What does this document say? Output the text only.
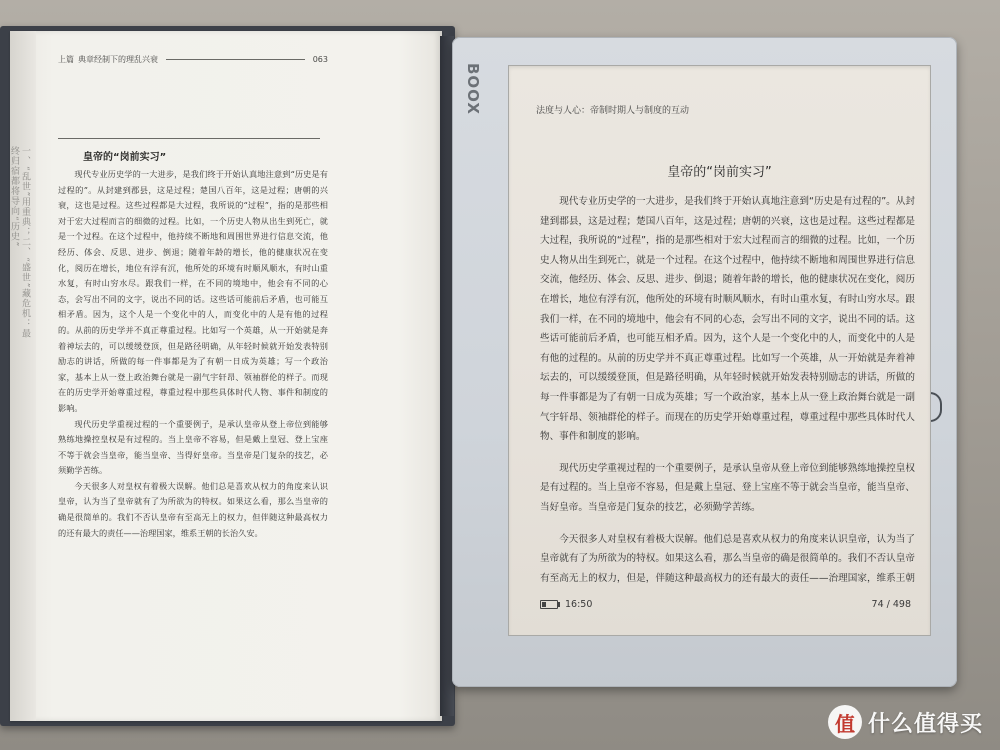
一、“乱世”用重典；二、“盛世”藏危机：最终归宿都将导向“历史”
上篇 典章经制下的理乱兴衰	063
皇帝的“岗前实习”

现代专业历史学的一大进步，是我们终于开始认真地注意到“历史是有过程的”。从封建到郡县，这是过程；楚国八百年，这是过程；唐朝的兴衰，这也是过程。这些过程都是大过程，我所说的“过程”，指的是那些相对于宏大过程而言的细微的过程。比如，一个历史人物从出生到死亡，就是一个过程。在这个过程中，他持续不断地和周围世界进行信息交流，他经历、体会、反思、进步、倒退；随着年龄的增长，他的健康状况在变化，阅历在增长，地位有浮有沉，他所处的环境有时顺风顺水，有时山重水复，有时山穷水尽。跟我们一样，在不同的境地中，他会有不同的心态，会写出不同的文字，说出不同的话。这些话可能前后矛盾，也可能互相矛盾。因为，这个人是一个变化中的人，而变化中的人是有他的过程的。从前的历史学并不真正尊重过程。比如写一个英雄，从一开始就是奔着神坛去的，可以缓缓登顶，但是路径明确，从年轻时候就开始发表特别励志的讲话，所做的每一件事都是为了有朝一日成为英雄；写一个政治家，基本上从一登上政治舞台就是一副气宇轩昂、领袖群伦的样子。而现在的历史学开始尊重过程，尊重过程中那些具体时代人物、事件和制度的影响。

现代历史学重视过程的一个重要例子，是承认皇帝从登上帝位到能够熟练地操控皇权是有过程的。当上皇帝不容易，但是戴上皇冠、登上宝座不等于就会当皇帝，能当皇帝、当得好皇帝。当皇帝是门复杂的技艺，必须勤学苦练。

今天很多人对皇权有着极大误解。他们总是喜欢从权力的角度来认识皇帝，认为当了皇帝就有了为所欲为的特权。如果这么看，那么当皇帝的确是很简单的。我们不否认皇帝有至高无上的权力，但伴随这种最高权力的还有最大的责任——治理国家，维系王朝的长治久安。

BOOX	法度与人心：帝制时期人与制度的互动
皇帝的“岗前实习”

现代专业历史学的一大进步，是我们终于开始认真地注意到“历史是有过程的”。从封建到郡县，这是过程；楚国八百年，这是过程；唐朝的兴衰，这也是过程。这些过程都是大过程，我所说的“过程”，指的是那些相对于宏大过程而言的细微的过程。比如，一个历史人物从出生到死亡，就是一个过程。在这个过程中，他持续不断地和周围世界进行信息交流，他经历、体会、反思、进步、倒退；随着年龄的增长，他的健康状况在变化，阅历在增长，地位有浮有沉，他所处的环境有时顺风顺水，有时山重水复，有时山穷水尽。跟我们一样，在不同的境地中，他会有不同的心态，会写出不同的文字，说出不同的话。这些话可能前后矛盾，也可能互相矛盾。因为，这个人是一个变化中的人，而变化中的人是有他的过程的。从前的历史学并不真正尊重过程。比如写一个英雄，从一开始就是奔着神坛去的，可以缓缓登顶，但是路径明确，从年轻时候就开始发表特别励志的讲话，所做的每一件事都是为了有朝一日成为英雄；写一个政治家，基本上从一登上政治舞台就是一副气宇轩昂、领袖群伦的样子。而现在的历史学开始尊重过程，尊重过程中那些具体时代人物、事件和制度的影响。

现代历史学重视过程的一个重要例子，是承认皇帝从登上帝位到能够熟练地操控皇权是有过程的。当上皇帝不容易，但是戴上皇冠、登上宝座不等于就会当皇帝，能当皇帝、当好皇帝。当皇帝是门复杂的技艺，必须勤学苦练。

今天很多人对皇权有着极大误解。他们总是喜欢从权力的角度来认识皇帝，认为当了皇帝就有了为所欲为的特权。如果这么看，那么当皇帝的确是很简单的。我们不否认皇帝有至高无上的权力，但是，伴随这种最高权力的还有最大的责任——治理国家，维系王朝

16:50	74 / 498
值 什么值得买
